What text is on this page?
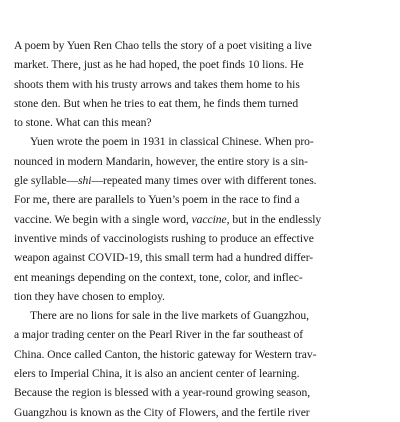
A poem by Yuen Ren Chao tells the story of a poet visiting a live
market. There, just as he had hoped, the poet finds 10 lions. He
shoots them with his trusty arrows and takes them home to his
stone den. But when he tries to eat them, he finds them turned
to stone. What can this mean?
Yuen wrote the poem in 1931 in classical Chinese. When pro-
nounced in modern Mandarin, however, the entire story is a sin-
gle syllable—shi—repeated many times over with different tones.
For me, there are parallels to Yuen’s poem in the race to find a
vaccine. We begin with a single word, vaccine, but in the endlessly
inventive minds of vaccinologists rushing to produce an effective
weapon against COVID-19, this small term had a hundred differ-
ent meanings depending on the context, tone, color, and inflec-
tion they have chosen to employ.
There are no lions for sale in the live markets of Guangzhou,
a major trading center on the Pearl River in the far southeast of
China. Once called Canton, the historic gateway for Western trav-
elers to Imperial China, it is also an ancient center of learning.
Because the region is blessed with a year-round growing season,
Guangzhou is known as the City of Flowers, and the fertile river
